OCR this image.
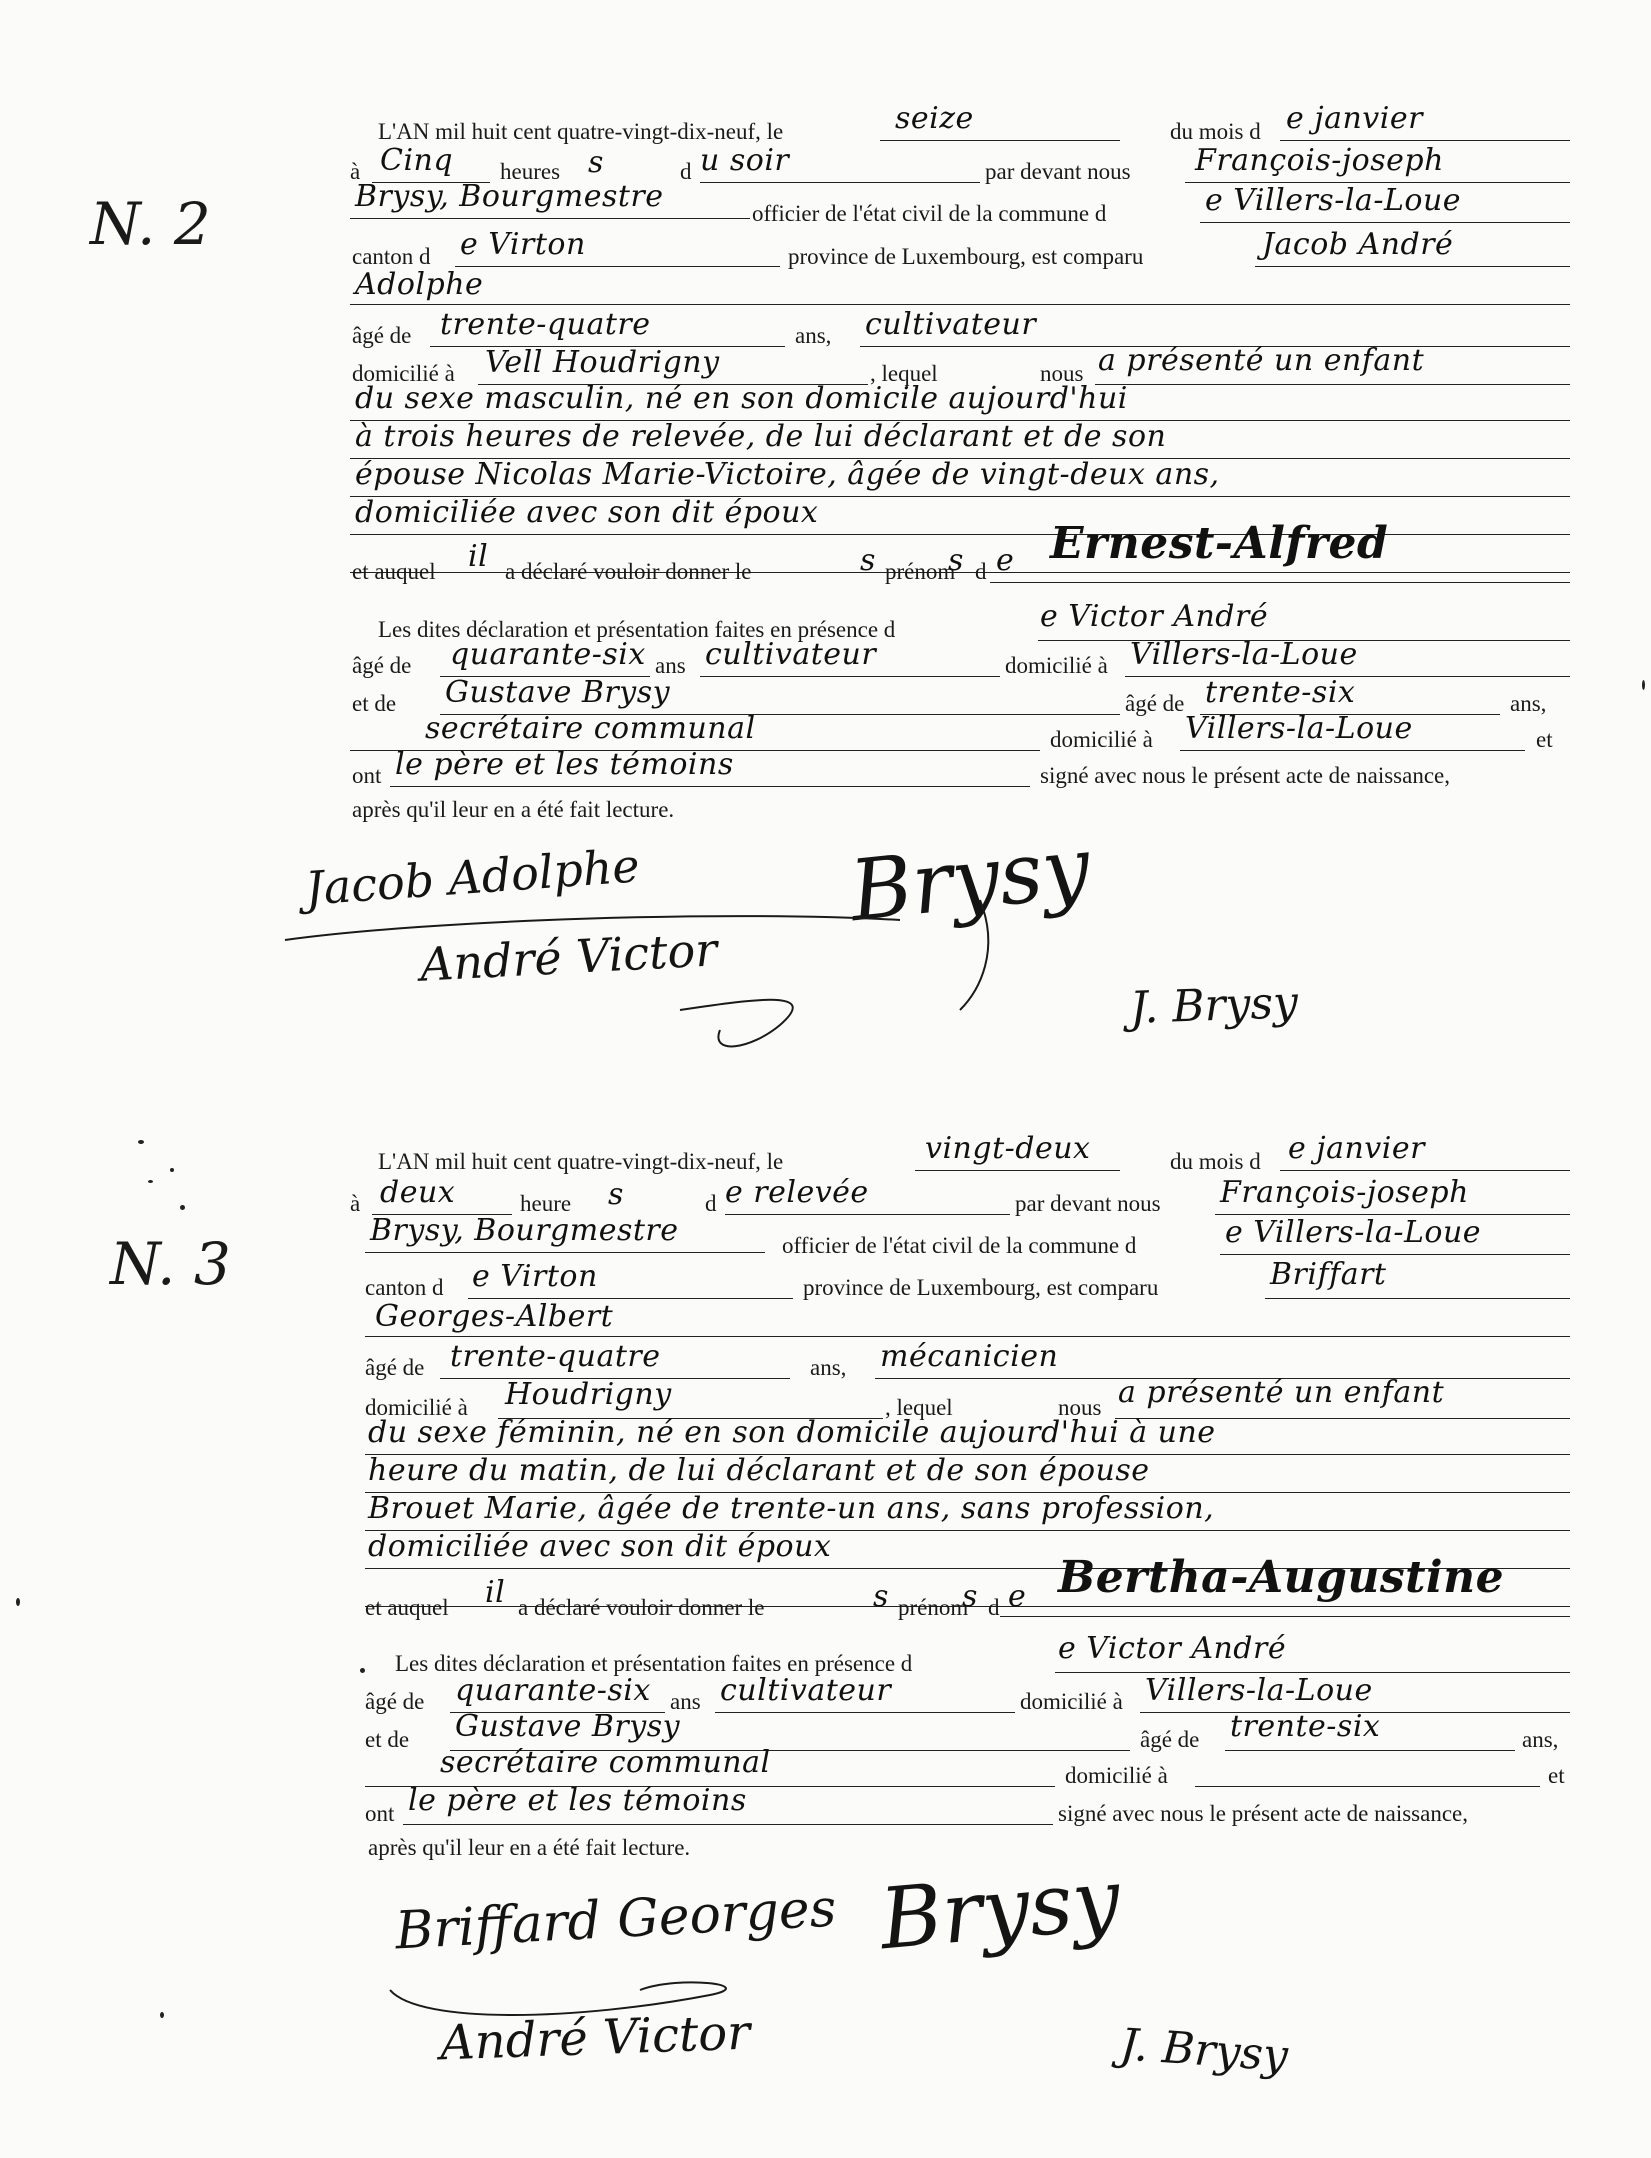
N. 2
L'AN mil huit cent quatre-vingt-dix-neuf, le	seize	du mois d e janvier
à Cinq heures s	d u soir	par devant nous François-joseph
Brysy, Bourgmestre	officier de l'état civil de la commune d	e Villers-la-Loue
canton d e Virton	province de Luxembourg, est comparu	Jacob André
Adolphe
âgé de trente-quatre	ans, cultivateur
domicilié à Vell Houdrigny	, lequel	nous a présenté un enfant
du sexe masculin, né en son domicile aujourd'hui
à trois heures de relevée, de lui déclarant et de son
épouse Nicolas Marie-Victoire, âgée de vingt-deux ans,
domiciliée avec son dit époux
et auquel il a déclaré vouloir donner le	s prénom
s d e Ernest-Alfred
Les dites déclaration et présentation faites en présence d	e Victor André
âgé de quarante-six ans cultivateur	domicilié à Villers-la-Loue
et de Gustave Brysy	âgé de trente-six	ans,
secrétaire communal	domicilié à Villers-la-Loue	et
ont le père et les témoins	signé avec nous le présent acte de naissance,
après qu'il leur en a été fait lecture.
Jacob Adolphe Brysy
André Victor
J. Brysy
N. 3
L'AN mil huit cent quatre-vingt-dix-neuf, le	vingt-deux	du mois d e janvier
à deux	heure s	d e relevée	par devant nous François-joseph
Brysy, Bourgmestre	officier de l'état civil de la commune d	e Villers-la-Loue
canton d e Virton	province de Luxembourg, est comparu	Briffart
Georges-Albert
âgé de trente-quatre	ans, mécanicien
domicilié à Houdrigny	, lequel	nous a présenté un enfant
du sexe féminin, né en son domicile aujourd'hui à une
heure du matin, de lui déclarant et de son épouse
Brouet Marie, âgée de trente-un ans, sans profession,
domiciliée avec son dit époux
et auquel il a déclaré vouloir donner le	s prénom
s d e Bertha-Augustine
Les dites déclaration et présentation faites en présence d	e Victor André
âgé de quarante-six ans cultivateur	domicilié à Villers-la-Loue
et de Gustave Brysy	âgé de trente-six	ans,
secrétaire communal	domicilié à	et
ont le père et les témoins	signé avec nous le présent acte de naissance,
après qu'il leur en a été fait lecture.
Briffard Georges Brysy
André Victor	J. Brysy
